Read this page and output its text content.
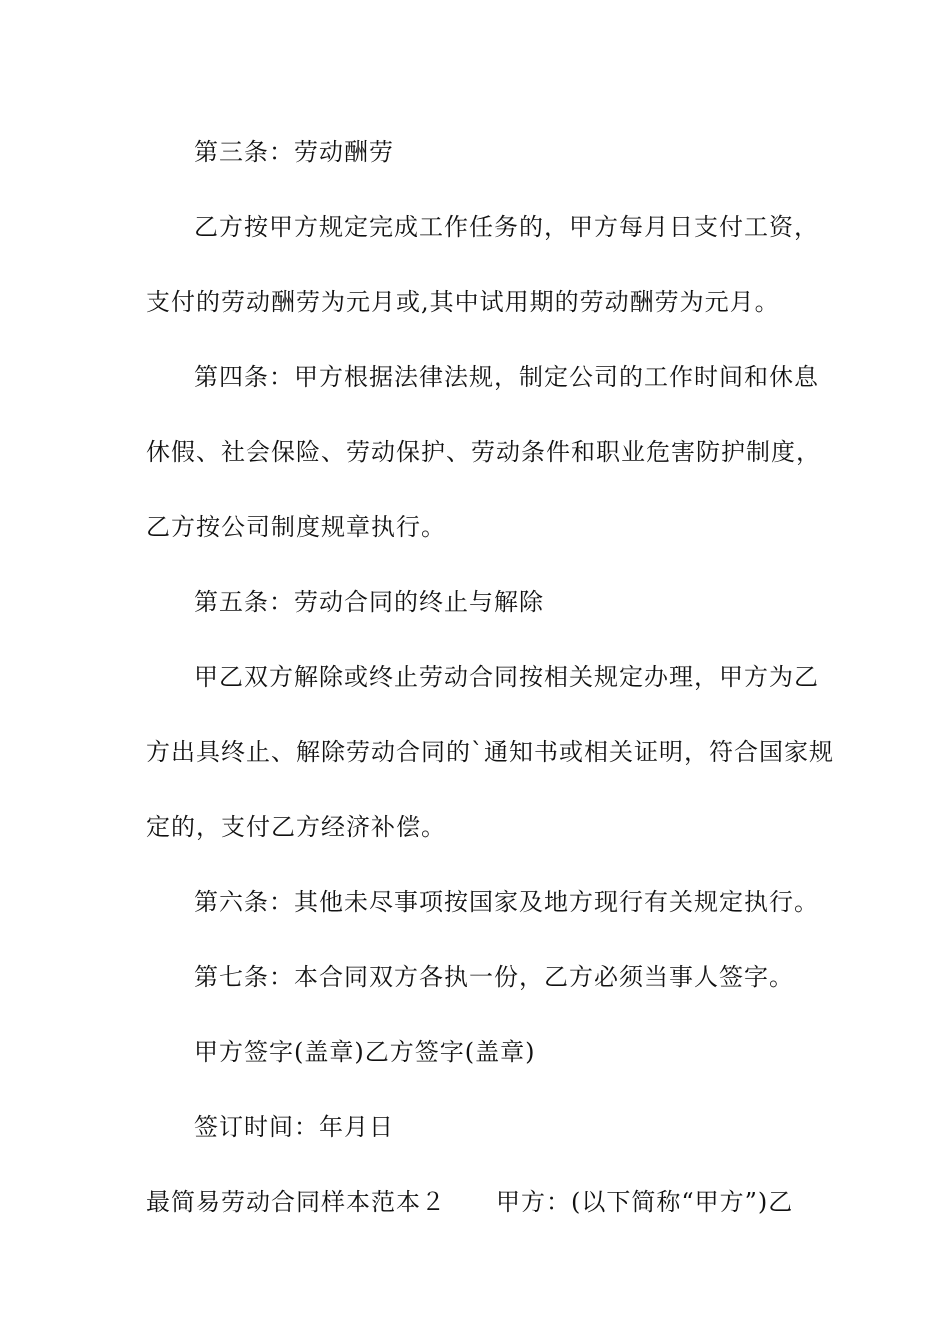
第三条：劳动酬劳
乙方按甲方规定完成工作任务的，甲方每月日支付工资，
支付的劳动酬劳为元月或,其中试用期的劳动酬劳为元月。
第四条：甲方根据法律法规，制定公司的工作时间和休息
休假、社会保险、劳动保护、劳动条件和职业危害防护制度，
乙方按公司制度规章执行。
第五条：劳动合同的终止与解除
甲乙双方解除或终止劳动合同按相关规定办理，甲方为乙
方出具终止、解除劳动合同的`通知书或相关证明，符合国家规
定的，支付乙方经济补偿。
第六条：其他未尽事项按国家及地方现行有关规定执行。
第七条：本合同双方各执一份，乙方必须当事人签字。
甲方签字(盖章)乙方签字(盖章)
签订时间：年月日
最简易劳动合同样本范本２ 甲方：(以下简称“甲方”)乙
